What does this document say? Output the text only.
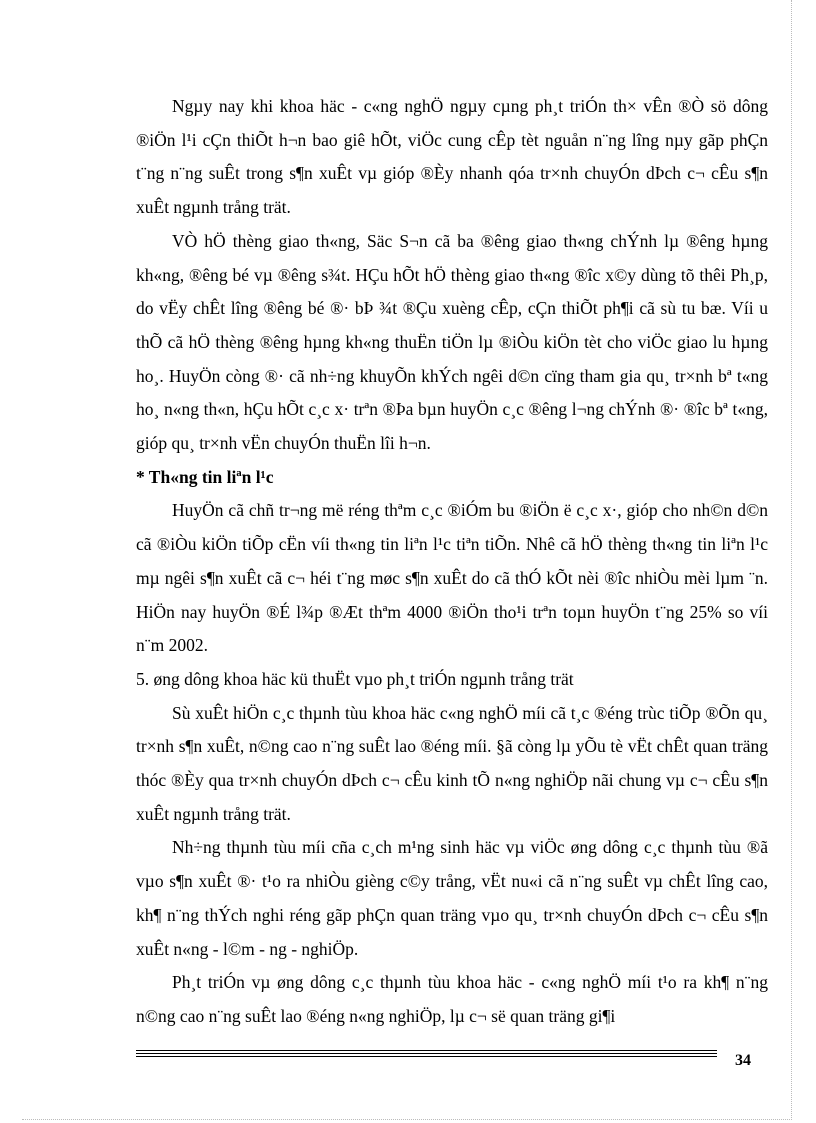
Ngµy nay khi khoa häc - c«ng nghÖ ngµy cµng ph¸t triÓn th× vÊn ®Ò sö dông ®iÖn l¹i cÇn thiÕt h¬n bao giê hÕt, viÖc cung cÊp tèt nguån n¨ng lîng nµy gãp phÇn t¨ng n¨ng suÊt trong s¶n xuÊt vµ gióp ®Èy nhanh qóa tr×nh chuyÓn dÞch c¬ cÊu s¶n xuÊt ngµnh trång trät.

VÒ hÖ thèng giao th«ng, Säc S¬n cã ba ®êng giao th«ng chÝnh lµ ®êng hµng kh«ng, ®êng bé vµ ®êng s¾t. HÇu hÕt hÖ thèng giao th«ng ®îc x©y dùng tõ thêi Ph¸p, do vËy chÊt lîng ®êng bé ®· bÞ ¾t ®Çu xuèng cÊp, cÇn thiÕt ph¶i cã sù tu bæ. Víi u thÕ cã hÖ thèng ®êng hµng kh«ng thuËn tiÖn lµ ®iÒu kiÖn tèt cho viÖc giao lu hµng ho¸. HuyÖn còng ®· cã nh÷ng khuyÕn khÝch ngêi d©n cïng tham gia qu¸ tr×nh bª t«ng ho¸ n«ng th«n, hÇu hÕt c¸c x· trªn ®Þa bµn huyÖn c¸c ®êng l¬ng chÝnh ®· ®îc bª t«ng, gióp qu¸ tr×nh vËn chuyÓn thuËn lîi h¬n.

* Th«ng tin liªn l¹c

HuyÖn cã chñ tr¬ng më réng thªm c¸c ®iÓm bu ®iÖn ë c¸c x·, gióp cho nh©n d©n cã ®iÒu kiÖn tiÕp cËn víi th«ng tin liªn l¹c tiªn tiÕn. Nhê cã hÖ thèng th«ng tin liªn l¹c mµ ngêi s¶n xuÊt cã c¬ héi t¨ng møc s¶n xuÊt do cã thÓ kÕt nèi ®îc nhiÒu mèi lµm ¨n. HiÖn nay huyÖn ®É l¾p ®Æt thªm 4000 ®iÖn tho¹i trªn toµn huyÖn t¨ng 25% so víi n¨m 2002.

5. øng dông khoa häc kü thuËt vµo ph¸t triÓn ngµnh trång trät

Sù xuÊt hiÖn c¸c thµnh tùu khoa häc c«ng nghÖ míi cã t¸c ®éng trùc tiÕp ®Õn qu¸ tr×nh s¶n xuÊt, n©ng cao n¨ng suÊt lao ®éng míi. §ã còng lµ yÕu tè vËt chÊt quan träng thóc ®Èy qua tr×nh chuyÓn dÞch c¬ cÊu kinh tÕ n«ng nghiÖp nãi chung vµ c¬ cÊu s¶n xuÊt ngµnh trång trät.

Nh÷ng thµnh tùu míi cña c¸ch m¹ng sinh häc vµ viÖc øng dông c¸c thµnh tùu ®ã vµo s¶n xuÊt ®· t¹o ra nhiÒu gièng c©y trång, vËt nu«i cã n¨ng suÊt vµ chÊt lîng cao, kh¶ n¨ng thÝch nghi réng gãp phÇn quan träng vµo qu¸ tr×nh chuyÓn dÞch c¬ cÊu s¶n xuÊt n«ng - l©m - ng - nghiÖp.

Ph¸t triÓn vµ øng dông c¸c thµnh tùu khoa häc - c«ng nghÖ míi t¹o ra kh¶ n¨ng n©ng cao n¨ng suÊt lao ®éng n«ng nghiÖp, lµ c¬ së quan träng gi¶i

34
